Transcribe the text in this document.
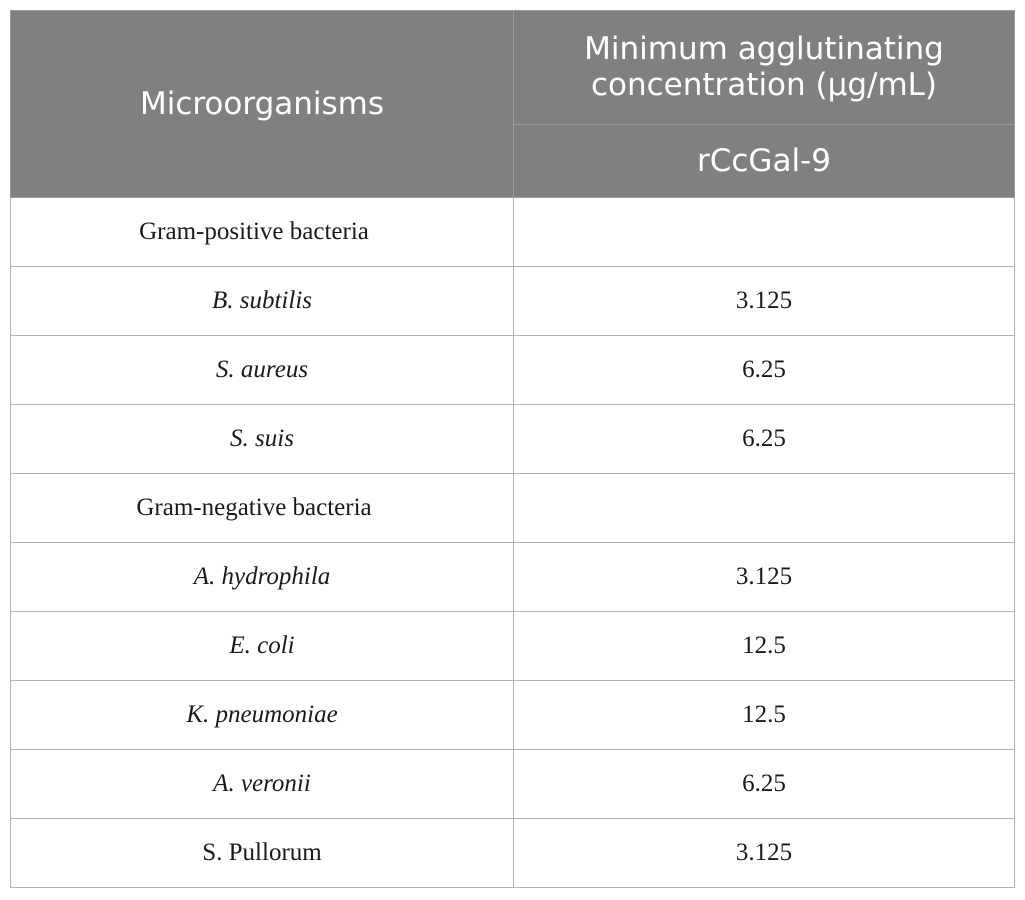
Microorganisms	Minimum agglutinating concentration (μg/mL)
	rCcGal-9
Gram-positive bacteria	
B. subtilis	3.125
S. aureus	6.25
S. suis	6.25
Gram-negative bacteria	
A. hydrophila	3.125
E. coli	12.5
K. pneumoniae	12.5
A. veronii	6.25
S. Pullorum	3.125
